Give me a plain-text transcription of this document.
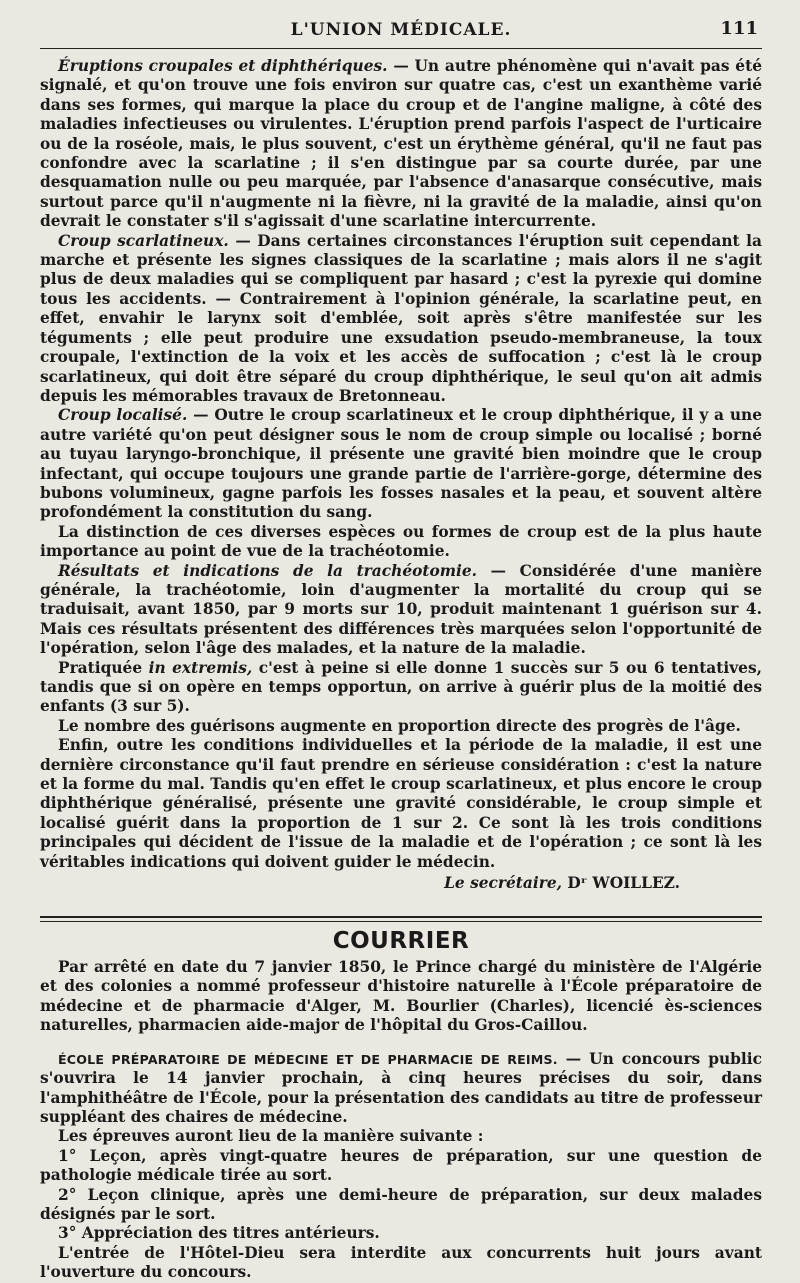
L'UNION MÉDICALE.	111

Éruptions croupales et diphthériques. — Un autre phénomène qui n'avait pas été signalé, et qu'on trouve une fois environ sur quatre cas, c'est un exanthème varié dans ses formes, qui marque la place du croup et de l'angine maligne, à côté des maladies infectieuses ou virulentes. L'éruption prend parfois l'aspect de l'urticaire ou de la roséole, mais, le plus souvent, c'est un érythème général, qu'il ne faut pas confondre avec la scarlatine ; il s'en distingue par sa courte durée, par une desquamation nulle ou peu marquée, par l'absence d'anasarque consécutive, mais surtout parce qu'il n'augmente ni la fièvre, ni la gravité de la maladie, ainsi qu'on devrait le constater s'il s'agissait d'une scarlatine intercurrente.

Croup scarlatineux. — Dans certaines circonstances l'éruption suit cependant la marche et présente les signes classiques de la scarlatine ; mais alors il ne s'agit plus de deux maladies qui se compliquent par hasard ; c'est la pyrexie qui domine tous les accidents. — Contrairement à l'opinion générale, la scarlatine peut, en effet, envahir le larynx soit d'emblée, soit après s'être manifestée sur les téguments ; elle peut produire une exsudation pseudo-membraneuse, la toux croupale, l'extinction de la voix et les accès de suffocation ; c'est là le croup scarlatineux, qui doit être séparé du croup diphthérique, le seul qu'on ait admis depuis les mémorables travaux de Bretonneau.

Croup localisé. — Outre le croup scarlatineux et le croup diphthérique, il y a une autre variété qu'on peut désigner sous le nom de croup simple ou localisé ; borné au tuyau laryngo-bronchique, il présente une gravité bien moindre que le croup infectant, qui occupe toujours une grande partie de l'arrière-gorge, détermine des bubons volumineux, gagne parfois les fosses nasales et la peau, et souvent altère profondément la constitution du sang.

La distinction de ces diverses espèces ou formes de croup est de la plus haute importance au point de vue de la trachéotomie.

Résultats et indications de la trachéotomie. — Considérée d'une manière générale, la trachéotomie, loin d'augmenter la mortalité du croup qui se traduisait, avant 1850, par 9 morts sur 10, produit maintenant 1 guérison sur 4. Mais ces résultats présentent des différences très marquées selon l'opportunité de l'opération, selon l'âge des malades, et la nature de la maladie.

Pratiquée in extremis, c'est à peine si elle donne 1 succès sur 5 ou 6 tentatives, tandis que si on opère en temps opportun, on arrive à guérir plus de la moitié des enfants (3 sur 5).

Le nombre des guérisons augmente en proportion directe des progrès de l'âge.

Enfin, outre les conditions individuelles et la période de la maladie, il est une dernière circonstance qu'il faut prendre en sérieuse considération : c'est la nature et la forme du mal. Tandis qu'en effet le croup scarlatineux, et plus encore le croup diphthérique généralisé, présente une gravité considérable, le croup simple et localisé guérit dans la proportion de 1 sur 2. Ce sont là les trois conditions principales qui décident de l'issue de la maladie et de l'opération ; ce sont là les véritables indications qui doivent guider le médecin.

Le secrétaire, Dʳ WOILLEZ.
COURRIER

Par arrêté en date du 7 janvier 1850, le Prince chargé du ministère de l'Algérie et des colonies a nommé professeur d'histoire naturelle à l'École préparatoire de médecine et de pharmacie d'Alger, M. Bourlier (Charles), licencié ès-sciences naturelles, pharmacien aide-major de l'hôpital du Gros-Caillou.

ÉCOLE PRÉPARATOIRE DE MÉDECINE ET DE PHARMACIE DE REIMS. — Un concours public s'ouvrira le 14 janvier prochain, à cinq heures précises du soir, dans l'amphithéâtre de l'École, pour la présentation des candidats au titre de professeur suppléant des chaires de médecine.

Les épreuves auront lieu de la manière suivante :

1° Leçon, après vingt-quatre heures de préparation, sur une question de pathologie médicale tirée au sort.

2° Leçon clinique, après une demi-heure de préparation, sur deux malades désignés par le sort.

3° Appréciation des titres antérieurs.

L'entrée de l'Hôtel-Dieu sera interdite aux concurrents huit jours avant l'ouverture du concours.
